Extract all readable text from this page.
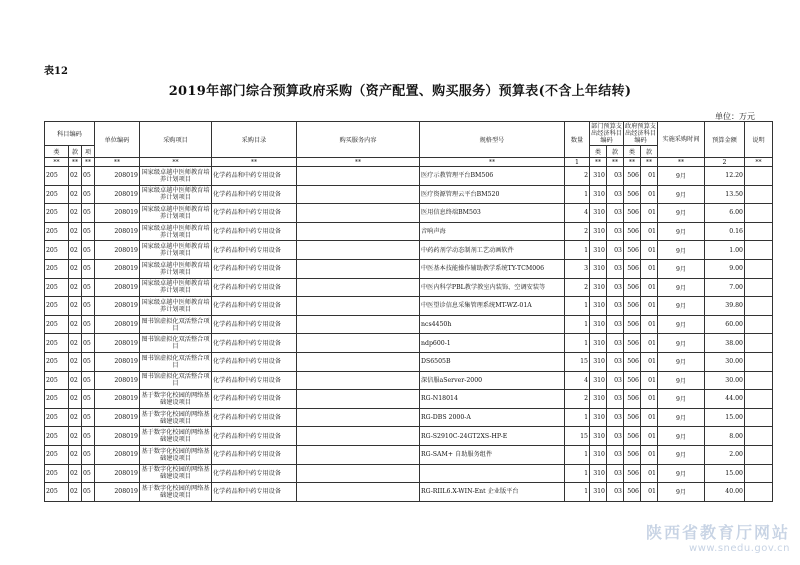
表12
2019年部门综合预算政府采购（资产配置、购买服务）预算表(不含上年结转)
单位：万元
科目编码			单位编码	采购项目	采购目录	购买服务内容	规格型号	数量	部门预算支出经济科目编码		政府预算支出经济科目编码		实施采购时间	预算金额	说明
类	款	项							类	款	类	款			
**	**	**	**	**	**	**	**	1	**	**	**	**	**	2	**
205	02	05	208019	国家级卓越中医师教育培养计划项目	化学药品和中药专用设备		医疗示教管理平台BM506	2	310	03	506	01	9月	12.20	
205	02	05	208019	国家级卓越中医师教育培养计划项目	化学药品和中药专用设备		医疗资源管理云平台BM520	1	310	03	506	01	9月	13.50	
205	02	05	208019	国家级卓越中医师教育培养计划项目	化学药品和中药专用设备		医用信息终端BM503	4	310	03	506	01	9月	6.00	
205	02	05	208019	国家级卓越中医师教育培养计划项目	化学药品和中药专用设备		音响声海	2	310	03	506	01	9月	0.16	
205	02	05	208019	国家级卓越中医师教育培养计划项目	化学药品和中药专用设备		中药药剂学动态制剂工艺动画软件	1	310	03	506	01	9月	1.00	
205	02	05	208019	国家级卓越中医师教育培养计划项目	化学药品和中药专用设备		中医基本技能操作辅助教学系统TY-TCM006	3	310	03	506	01	9月	9.00	
205	02	05	208019	国家级卓越中医师教育培养计划项目	化学药品和中药专用设备		中医内科学PBL教学教室内装饰、空调安装等	2	310	03	506	01	9月	7.00	
205	02	05	208019	国家级卓越中医师教育培养计划项目	化学药品和中药专用设备		中医望诊信息采集管理系统MT-WZ-01A	1	310	03	506	01	9月	39.80	
205	02	05	208019	图书馆虚拟化双活整合项目	化学药品和中药专用设备		ncs4450h	1	310	03	506	01	9月	60.00	
205	02	05	208019	图书馆虚拟化双活整合项目	化学药品和中药专用设备		ndp600-1	1	310	03	506	01	9月	38.00	
205	02	05	208019	图书馆虚拟化双活整合项目	化学药品和中药专用设备		DS6505B	15	310	03	506	01	9月	30.00	
205	02	05	208019	图书馆虚拟化双活整合项目	化学药品和中药专用设备		深信服aServer-2000	4	310	03	506	01	9月	30.00	
205	02	05	208019	基于数字化校园的网络基础建设项目	化学药品和中药专用设备		RG-N18014	2	310	03	506	01	9月	44.00	
205	02	05	208019	基于数字化校园的网络基础建设项目	化学药品和中药专用设备		RG-DBS 2000-A	1	310	03	506	01	9月	15.00	
205	02	05	208019	基于数字化校园的网络基础建设项目	化学药品和中药专用设备		RG-S2910C-24GT2XS-HP-E	15	310	03	506	01	9月	8.00	
205	02	05	208019	基于数字化校园的网络基础建设项目	化学药品和中药专用设备		RG-SAM+ 自助服务组件	1	310	03	506	01	9月	2.00	
205	02	05	208019	基于数字化校园的网络基础建设项目	化学药品和中药专用设备			1	310	03	506	01	9月	15.00	
205	02	05	208019	基于数字化校园的网络基础建设项目	化学药品和中药专用设备		RG-RIIL6.X-WIN-Ent 企业版平台	1	310	03	506	01	9月	40.00	
陕西省教育厅网站
www.snedu.gov.cn
